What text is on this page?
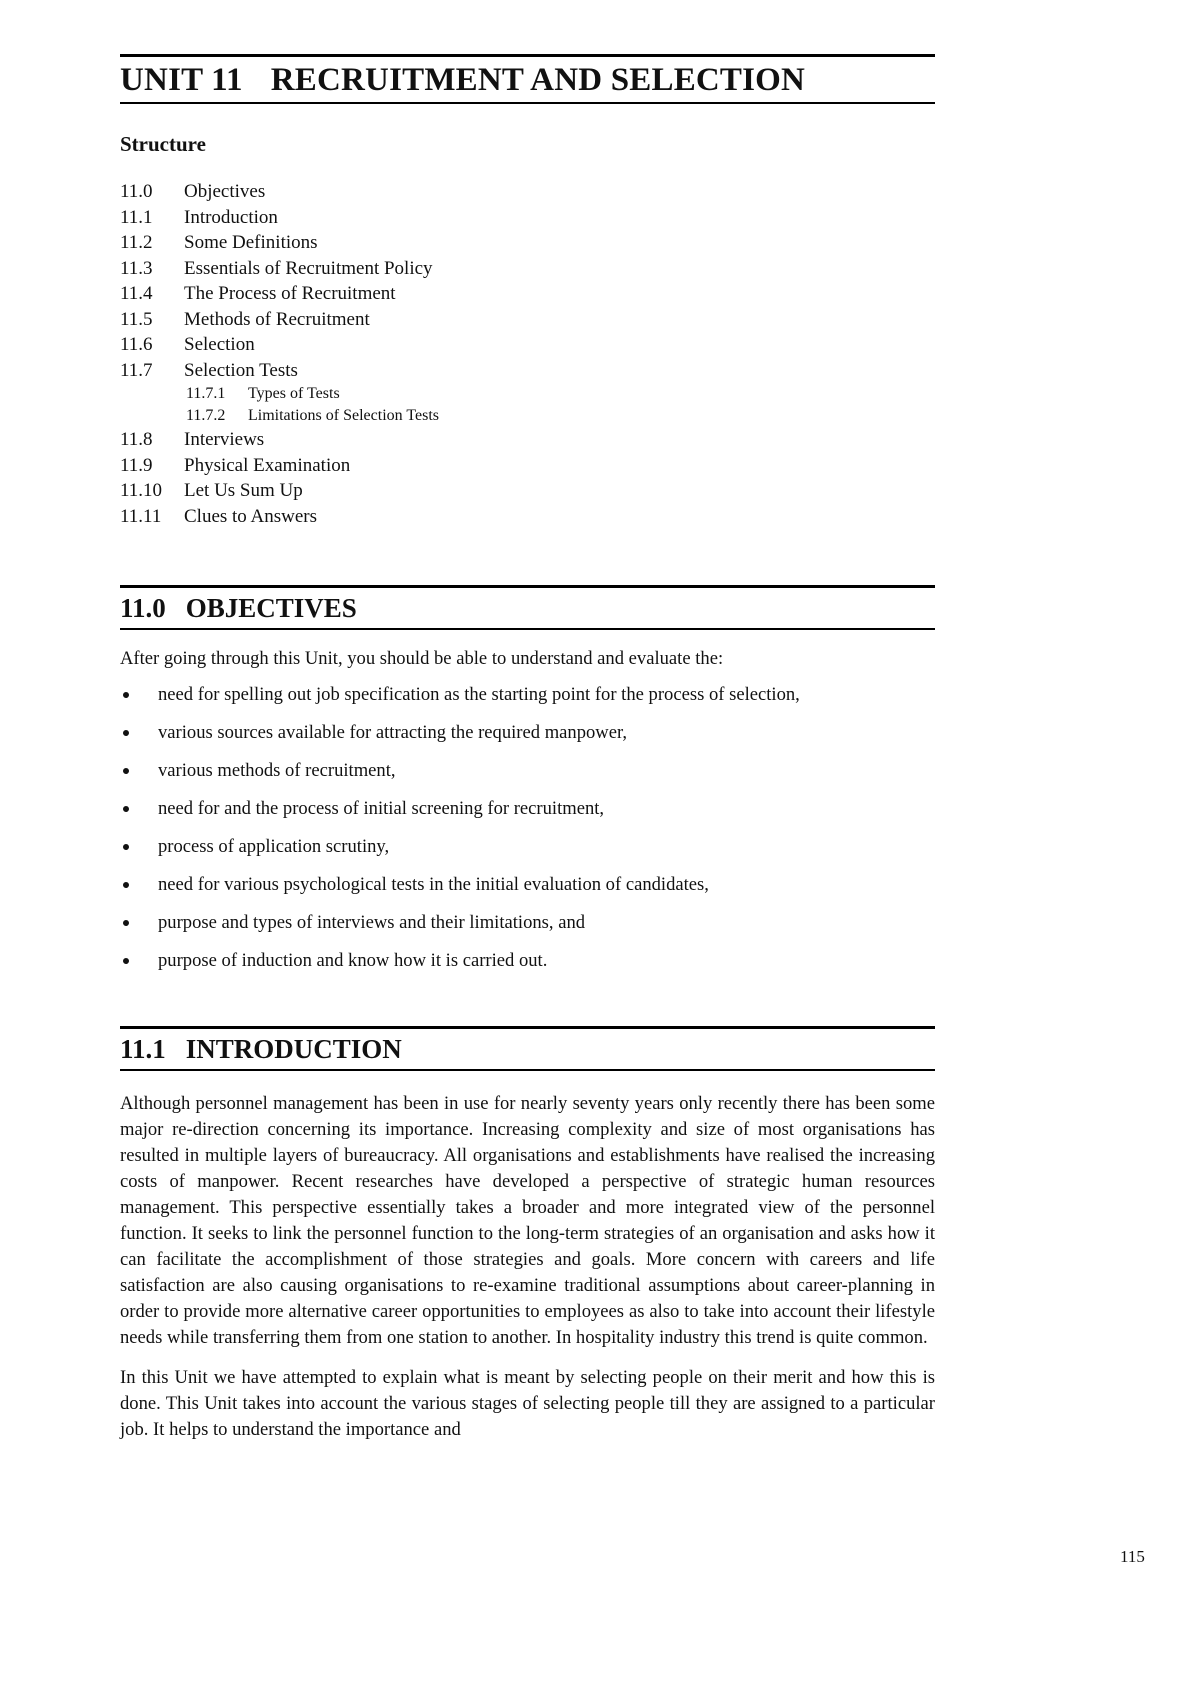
UNIT 11 RECRUITMENT AND SELECTION
Structure
11.0	Objectives
11.1	Introduction
11.2	Some Definitions
11.3	Essentials of Recruitment Policy
11.4	The Process of Recruitment
11.5	Methods of Recruitment
11.6	Selection
11.7	Selection Tests
11.7.1	Types of Tests
11.7.2	Limitations of Selection Tests
11.8	Interviews
11.9	Physical Examination
11.10	Let Us Sum Up
11.11	Clues to Answers
11.0 OBJECTIVES

After going through this Unit, you should be able to understand and evaluate the:

need for spelling out job specification as the starting point for the process of selection,
various sources available for attracting the required manpower,
various methods of recruitment,
need for and the process of initial screening for recruitment,
process of application scrutiny,
need for various psychological tests in the initial evaluation of candidates,
purpose and types of interviews and their limitations, and
purpose of induction and know how it is carried out.
11.1 INTRODUCTION

Although personnel management has been in use for nearly seventy years only recently there has been some major re-direction concerning its importance. Increasing complexity and size of most organisations has resulted in multiple layers of bureaucracy. All organisations and establishments have realised the increasing costs of manpower. Recent researches have developed a perspective of strategic human resources management. This perspective essentially takes a broader and more integrated view of the personnel function. It seeks to link the personnel function to the long-term strategies of an organisation and asks how it can facilitate the accomplishment of those strategies and goals. More concern with careers and life satisfaction are also causing organisations to re-examine traditional assumptions about career-planning in order to provide more alternative career opportunities to employees as also to take into account their lifestyle needs while transferring them from one station to another. In hospitality industry this trend is quite common.

In this Unit we have attempted to explain what is meant by selecting people on their merit and how this is done. This Unit takes into account the various stages of selecting people till they are assigned to a particular job. It helps to understand the importance and

115
